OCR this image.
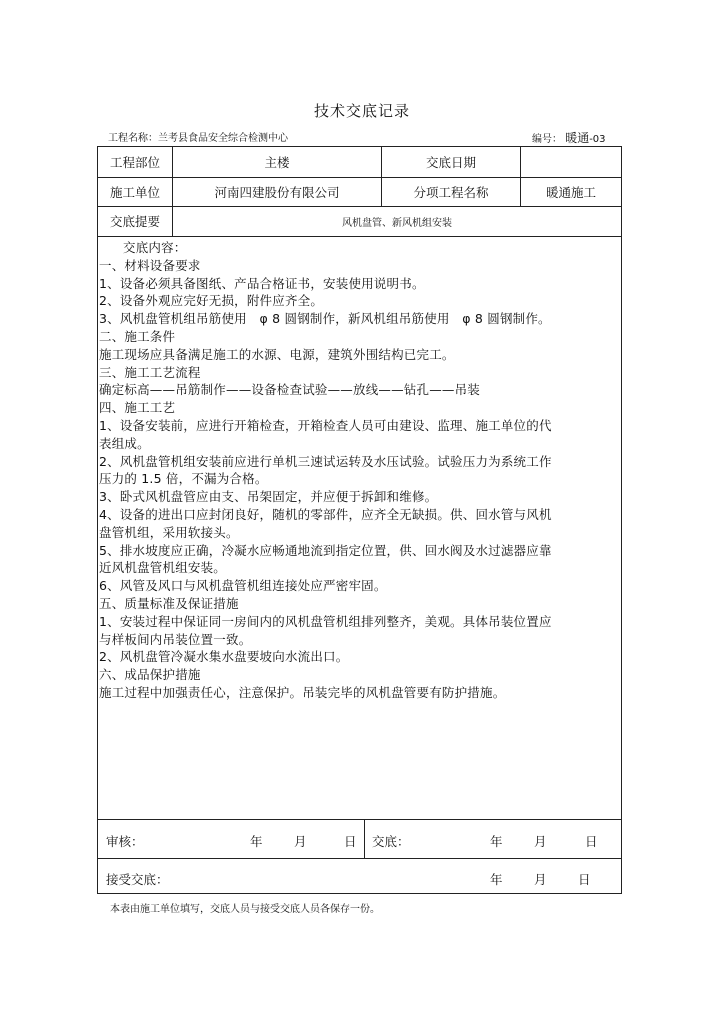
技术交底记录
工程名称：兰考县食品安全综合检测中心	编号： 暖通-03
工程部位	主楼	交底日期
施工单位	河南四建股份有限公司	分项工程名称	暖通施工
交底提要	风机盘管、新风机组安装
交底内容：
一、材料设备要求
1、设备必须具备图纸、产品合格证书，安装使用说明书。
2、设备外观应完好无损，附件应齐全。
3、风机盘管机组吊筋使用　φ 8 圆钢制作，新风机组吊筋使用　φ 8 圆钢制作。
二、施工条件
施工现场应具备满足施工的水源、电源，建筑外围结构已完工。
三、施工工艺流程
确定标高——吊筋制作——设备检查试验——放线——钻孔——吊装
四、施工工艺
1、设备安装前，应进行开箱检查，开箱检查人员可由建设、监理、施工单位的代
表组成。
2、风机盘管机组安装前应进行单机三速试运转及水压试验。试验压力为系统工作
压力的 1.5 倍，不漏为合格。
3、卧式风机盘管应由支、吊架固定，并应便于拆卸和维修。
4、设备的进出口应封闭良好，随机的零部件，应齐全无缺损。供、回水管与风机
盘管机组，采用软接头。
5、排水坡度应正确，冷凝水应畅通地流到指定位置，供、回水阀及水过滤器应靠
近风机盘管机组安装。
6、风管及风口与风机盘管机组连接处应严密牢固。
五、质量标准及保证措施
1、安装过程中保证同一房间内的风机盘管机组排列整齐，美观。具体吊装位置应
与样板间内吊装位置一致。
2、风机盘管冷凝水集水盘要坡向水流出口。
六、成品保护措施
施工过程中加强责任心，注意保护。吊装完毕的风机盘管要有防护措施。
审核：	年	月	日 交底：	年	月	日
接受交底：	年	月	日
本表由施工单位填写，交底人员与接受交底人员各保存一份。
